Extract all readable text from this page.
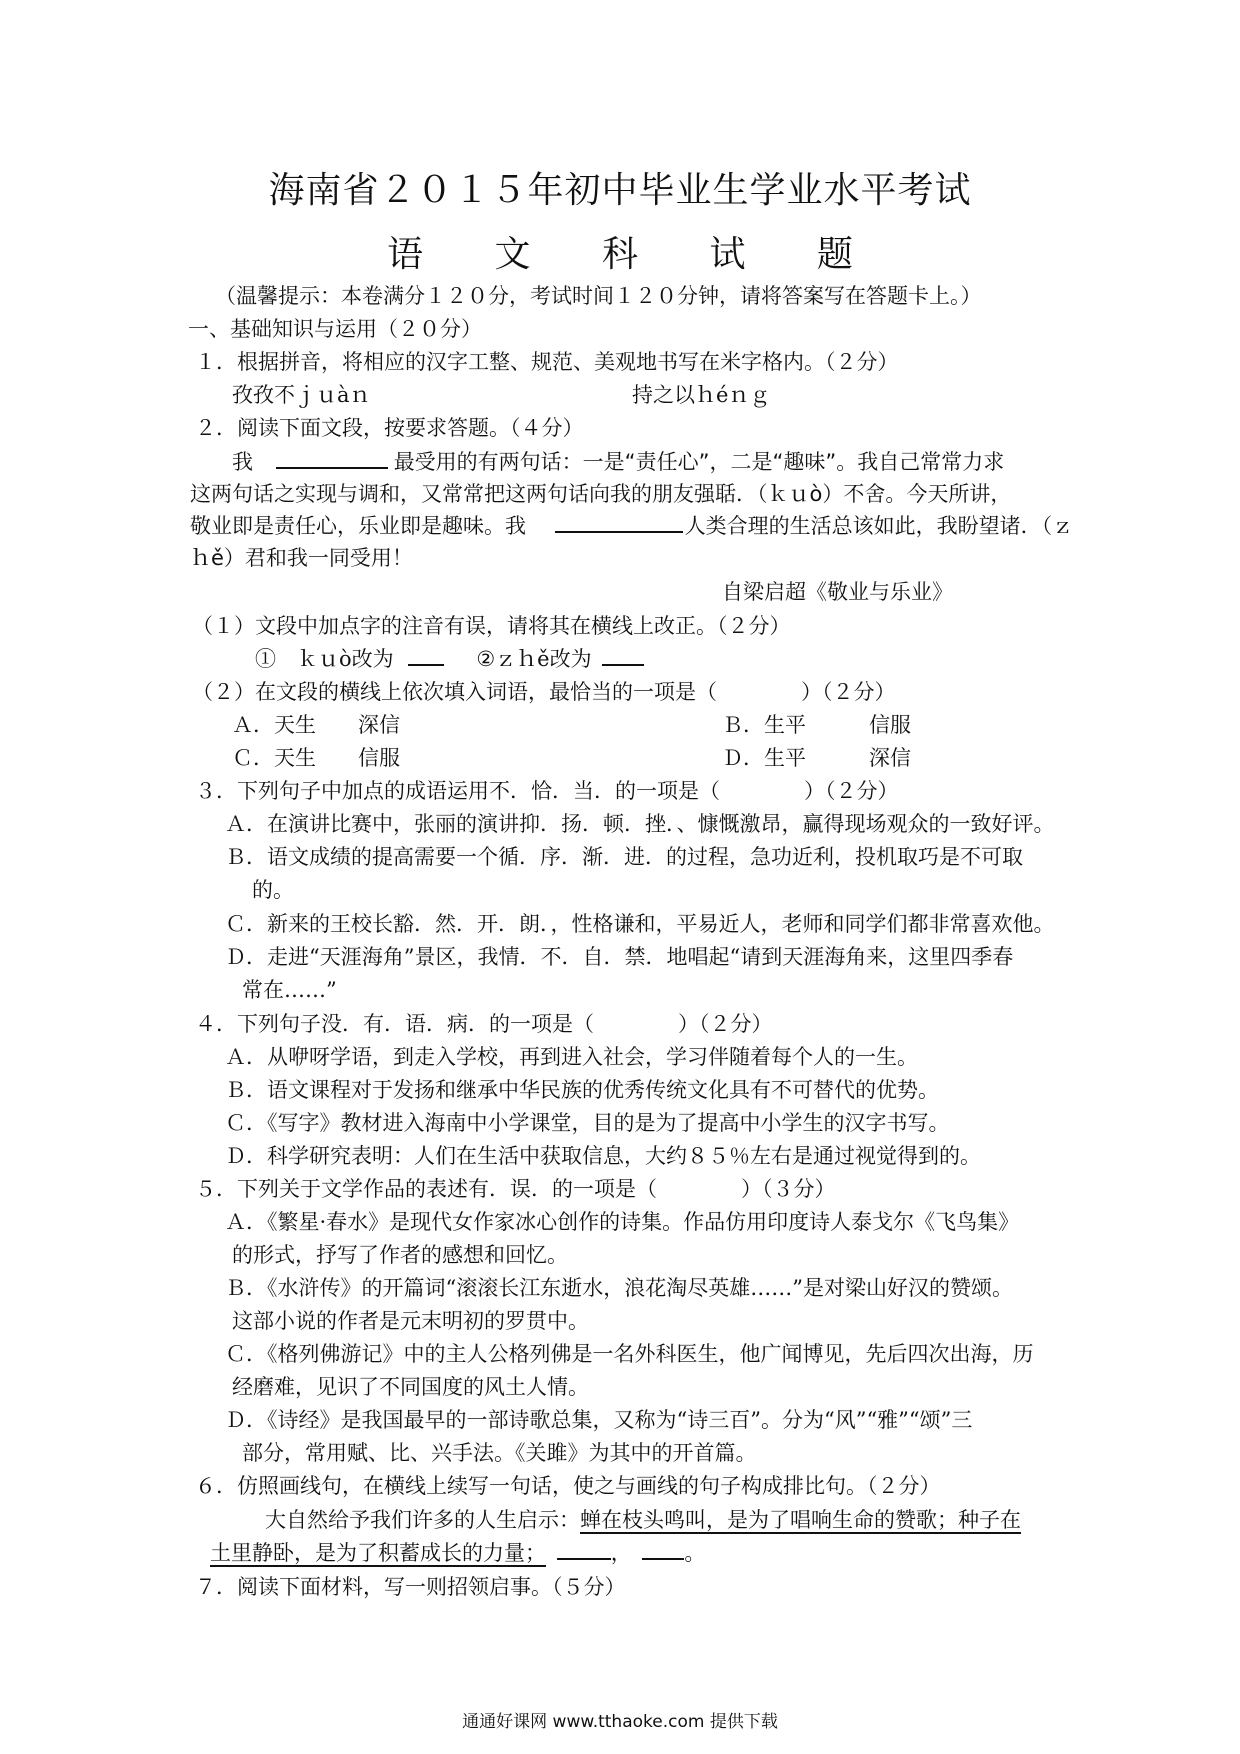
海南省２０１５年初中毕业生学业水平考试
语 文 科 试 题
（温馨提示：本卷满分１２０分，考试时间１２０分钟，请将答案写在答题卡上。）
一、基础知识与运用（２０分）
１．根据拼音，将相应的汉字工整、规范、美观地书写在米字格内。（２分）
孜孜不ｊｕàｎ	持之以ｈéｎｇ
２．阅读下面文段，按要求答题。（４分）
我	最受用的有两句话：一是“责任心”，二是“趣味”。我自己常常力求
这两句话之实现与调和，又常常把这两句话向我的朋友强聒．（ｋｕò）不舍。今天所讲，
敬业即是责任心，乐业即是趣味。我	人类合理的生活总该如此，我盼望诸．（ｚ
ｈě）君和我一同受用！
自梁启超《敬业与乐业》
（１）文段中加点字的注音有误，请将其在横线上改正。（２分）
①　ｋｕò改为	②ｚｈě改为
（２）在文段的横线上依次填入词语，最恰当的一项是（　　　　）（２分）
Ａ．天生　　深信	Ｂ．生平　　　信服
Ｃ．天生　　信服	Ｄ．生平　　　深信
３．下列句子中加点的成语运用不．恰．当．的一项是（　　　　）（２分）
Ａ．在演讲比赛中，张丽的演讲抑．扬．顿．挫．、慷慨激昂，赢得现场观众的一致好评。
Ｂ．语文成绩的提高需要一个循．序．渐．进．的过程，急功近利，投机取巧是不可取
的。
Ｃ．新来的王校长豁．然．开．朗．，性格谦和，平易近人，老师和同学们都非常喜欢他。
Ｄ．走进“天涯海角”景区，我情．不．自．禁．地唱起“请到天涯海角来，这里四季春
常在……”
４．下列句子没．有．语．病．的一项是（　　　　）（２分）
Ａ．从咿呀学语，到走入学校，再到进入社会，学习伴随着每个人的一生。
Ｂ．语文课程对于发扬和继承中华民族的优秀传统文化具有不可替代的优势。
Ｃ．《写字》教材进入海南中小学课堂，目的是为了提高中小学生的汉字书写。
Ｄ．科学研究表明：人们在生活中获取信息，大约８５％左右是通过视觉得到的。
５．下列关于文学作品的表述有．误．的一项是（　　　　）（３分）
Ａ．《繁星·春水》是现代女作家冰心创作的诗集。作品仿用印度诗人泰戈尔《飞鸟集》
的形式，抒写了作者的感想和回忆。
Ｂ．《水浒传》的开篇词“滚滚长江东逝水，浪花淘尽英雄……”是对梁山好汉的赞颂。
这部小说的作者是元末明初的罗贯中。
Ｃ．《格列佛游记》中的主人公格列佛是一名外科医生，他广闻博见，先后四次出海，历
经磨难，见识了不同国度的风土人情。
Ｄ．《诗经》是我国最早的一部诗歌总集，又称为“诗三百”。分为“风”“雅”“颂”三
部分，常用赋、比、兴手法。《关雎》为其中的开首篇。
６．仿照画线句，在横线上续写一句话，使之与画线的句子构成排比句。（２分）
大自然给予我们许多的人生启示：蝉在枝头鸣叫，是为了唱响生命的赞歌；种子在
土里静卧，是为了积蓄成长的力量；	，	。
７．阅读下面材料，写一则招领启事。（５分）
通通好课网 www.tthaoke.com 提供下载
